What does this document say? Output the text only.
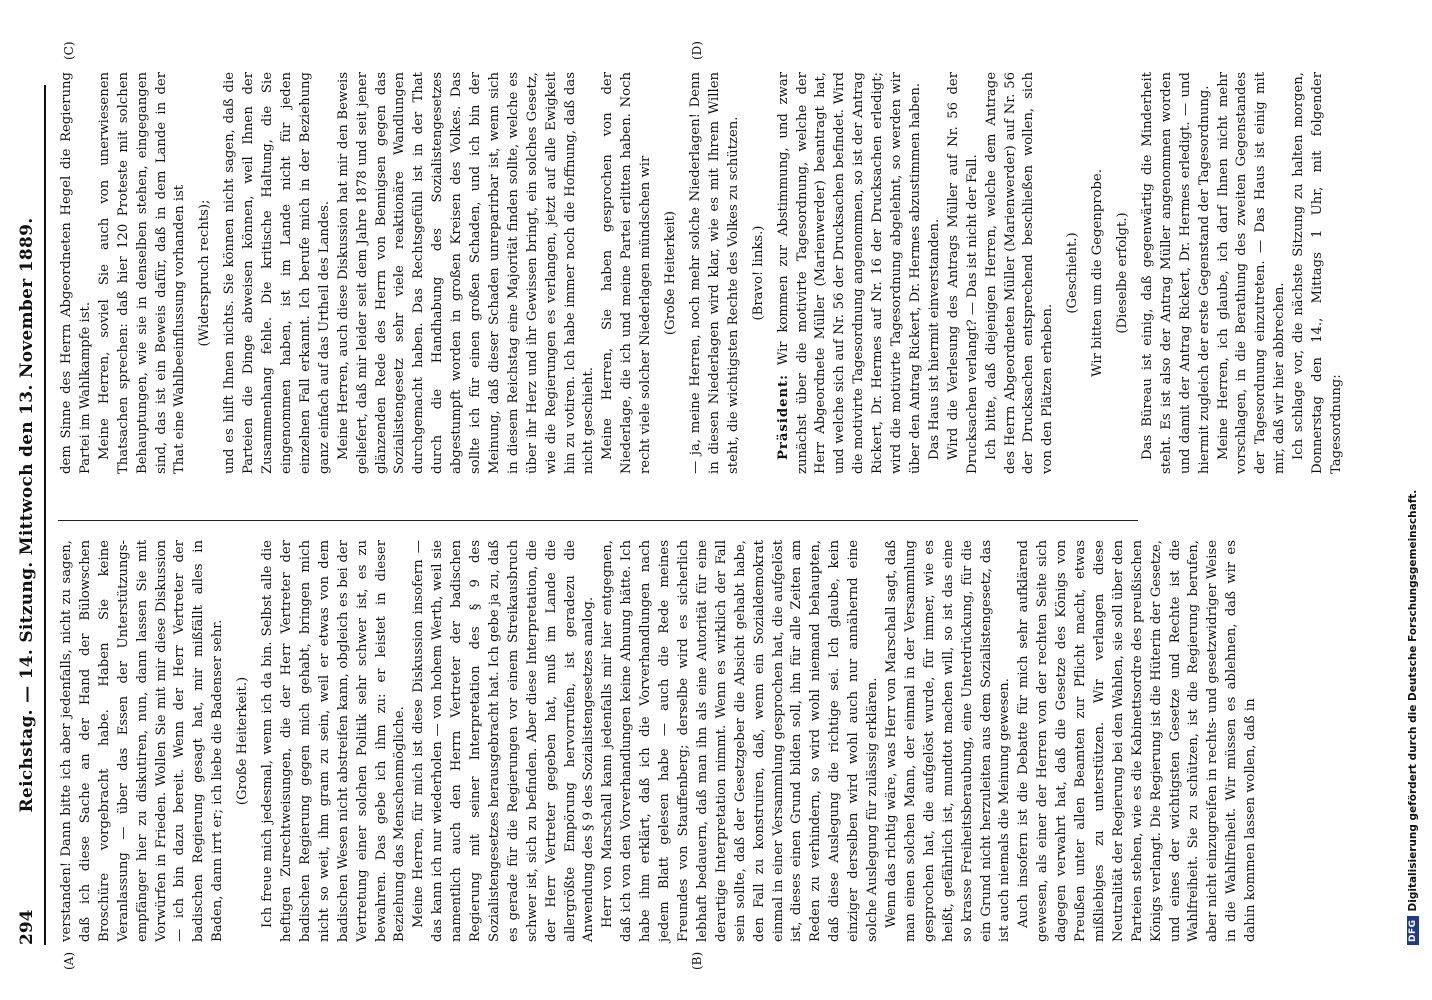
294
Reichstag. — 14. Sitzung. Mittwoch den 13. November 1889.
(A)	(B)
(C)	(D)

verstanden! Dann bitte ich aber jedenfalls, nicht zu sagen, daß ich diese Sache an der Hand der Bülowschen Broschüre vorgebracht habe. Haben Sie keine Veranlassung — über das Essen der Unterstützungsempfänger hier zu diskutiren, nun, dann lassen Sie mit Vorwürfen in Frieden. Wollen Sie mit mir diese Diskussion — ich bin dazu bereit. Wenn der Herr Vertreter der badischen Regierung gesagt hat, mir mißfällt alles in Baden, dann irrt er; ich liebe die Badenser sehr. (Große Heiterkeit.) Ich freue mich jedesmal, wenn ich da bin. Selbst alle die heftigen Zurechtweisungen, die der Herr Vertreter der badischen Regierung gegen mich gehabt, bringen mich nicht so weit, ihm gram zu sein, weil er etwas von dem badischen Wesen nicht abstreifen kann, obgleich es bei der Vertretung einer solchen Politik sehr schwer ist, es zu bewahren. Das gebe ich ihm zu: er leistet in dieser Beziehung das Menschenmögliche. Meine Herren, für mich ist diese Diskussion insofern — das kann ich nur wiederholen — von hohem Werth, weil sie namentlich auch den Herrn Vertreter der badischen Regierung mit seiner Interpretation des § 9 des Sozialistengesetzes herausgebracht hat. Ich gebe ja zu, daß es gerade für die Regierungen vor einem Streikausbruch schwer ist, sich zu befinden. Aber diese Interpretation, die der Herr Vertreter gegeben hat, muß im Lande die allergrößte Empörung hervorrufen, ist geradezu die Anwendung des § 9 des Sozialistengesetzes analog. Herr von Marschall kann jedenfalls mir hier entgegnen, daß ich von den Vorverhandlungen keine Ahnung hätte. Ich habe ihm erklärt, daß ich die Vorverhandlungen nach jedem Blatt gelesen habe — auch die Rede meines Freundes von Stauffenberg; derselbe wird es sicherlich lebhaft bedauern, daß man ihn als eine Autorität für eine derartige Interpretation nimmt. Wenn es wirklich der Fall sein sollte, daß der Gesetzgeber die Absicht gehabt habe, den Fall zu konstruiren, daß, wenn ein Sozialdemokrat einmal in einer Versammlung gesprochen hat, die aufgelöst ist, dieses einen Grund bilden soll, ihn für alle Zeiten am Reden zu verhindern, so wird wohl niemand behaupten, daß diese Auslegung die richtige sei. Ich glaube, kein einziger derselben wird wohl auch nur annähernd eine solche Auslegung für zulässig erklären. Wenn das richtig wäre, was Herr von Marschall sagt, daß man einen solchen Mann, der einmal in der Versammlung gesprochen hat, die aufgelöst wurde, für immer, wie es heißt, gefährlich ist, mundtot machen will, so ist das eine so krasse Freiheitsberaubung, eine Unterdrückung, für die ein Grund nicht herzuleiten aus dem Sozialistengesetz, das ist auch niemals die Meinung gewesen. Auch insofern ist die Debatte für mich sehr aufklärend gewesen, als einer der Herren von der rechten Seite sich dagegen verwahrt hat, daß die Gesetze des Königs von Preußen unter allen Beamten zur Pflicht macht, etwas mißliebiges zu unterstützen. Wir verlangen diese Neutralität der Regierung bei den Wahlen, sie soll über den Parteien stehen, wie es die Kabinettsordre des preußischen Königs verlangt. Die Regierung ist die Hüterin der Gesetze, und eines der wichtigsten Gesetze und Rechte ist die Wahlfreiheit. Sie zu schützen, ist die Regierung berufen, aber nicht einzugreifen in rechts- und gesetzwidriger Weise in die Wahlfreiheit. Wir müssen es ablehnen, daß wir es dahin kommen lassen wollen, daß in

dem Sinne des Herrn Abgeordneten Hegel die Regierung Partei im Wahlkampfe ist. Meine Herren, soviel Sie auch von unerwiesenen Thatsachen sprechen: daß hier 120 Proteste mit solchen Behauptungen, wie sie in denselben stehen, eingegangen sind, das ist ein Beweis dafür, daß in dem Lande in der That eine Wahlbeeinflussung vorhanden ist (Widerspruch rechts); und es hilft Ihnen nichts. Sie können nicht sagen, daß die Parteien die Dinge abweisen können, weil Ihnen der Zusammenhang fehle. Die kritische Haltung, die Sie eingenommen haben, ist im Lande nicht für jeden einzelnen Fall erkannt. Ich berufe mich in der Beziehung ganz einfach auf das Urtheil des Landes. Meine Herren, auch diese Diskussion hat mir den Beweis geliefert, daß mir leider seit dem Jahre 1878 und seit jener glänzenden Rede des Herrn von Bennigsen gegen das Sozialistengesetz sehr viele reaktionäre Wandlungen durchgemacht haben. Das Rechtsgefühl ist in der That durch die Handhabung des Sozialistengesetzes abgestumpft worden in großen Kreisen des Volkes. Das sollte ich für einen großen Schaden, und ich bin der Meinung, daß dieser Schaden unreparirbar ist, wenn sich in diesem Reichstag eine Majorität finden sollte, welche es über ihr Herz und ihr Gewissen bringt, ein solches Gesetz, wie die Regierungen es verlangen, jetzt auf alle Ewigkeit hin zu votiren. Ich habe immer noch die Hoffnung, daß das nicht geschieht. Meine Herren, Sie haben gesprochen von der Niederlage, die ich und meine Partei erlitten haben. Noch recht viele solcher Niederlagen mündschen wir (Große Heiterkeit) — ja, meine Herren, noch mehr solche Niederlagen! Denn in diesen Niederlagen wird klar, wie es mit Ihrem Willen steht, die wichtigsten Rechte des Volkes zu schützen. (Bravo! links.)

Präsident: Wir kommen zur Abstimmung, und zwar zunächst über die motivirte Tagesordnung, welche der Herr Abgeordnete Müller (Marienwerder) beantragt hat, und welche sich auf Nr. 56 der Drucksachen befindet. Wird die motivirte Tagesordnung angenommen, so ist der Antrag Rickert, Dr. Hermes auf Nr. 16 der Drucksachen erledigt; wird die motivirte Tagesordnung abgelehnt, so werden wir über den Antrag Rickert, Dr. Hermes abzustimmen haben. Das Haus ist hiermit einverstanden. Wird die Verlesung des Antrags Müller auf Nr. 56 der Drucksachen verlangt? — Das ist nicht der Fall. Ich bitte, daß diejenigen Herren, welche dem Antrage des Herrn Abgeordneten Müller (Marienwerder) auf Nr. 56 der Drucksachen entsprechend beschließen wollen, sich von den Plätzen erheben.

(Geschieht.) Wir bitten um die Gegenprobe. (Dieselbe erfolgt.) Das Büreau ist einig, daß gegenwärtig die Minderheit steht. Es ist also der Antrag Müller angenommen worden und damit der Antrag Rickert, Dr. Hermes erledigt. — und hiermit zugleich der erste Gegenstand der Tagesordnung. Meine Herren, ich glaube, ich darf Ihnen nicht mehr vorschlagen, in die Berathung des zweiten Gegenstandes der Tagesordnung einzutreten. — Das Haus ist einig mit mir, daß wir hier abbrechen. Ich schlage vor, die nächste Sitzung zu halten morgen, Donnerstag den 14., Mittags 1 Uhr, mit folgender Tagesordnung:

DFG
Digitalisierung gefördert durch die Deutsche Forschungsgemeinschaft.
